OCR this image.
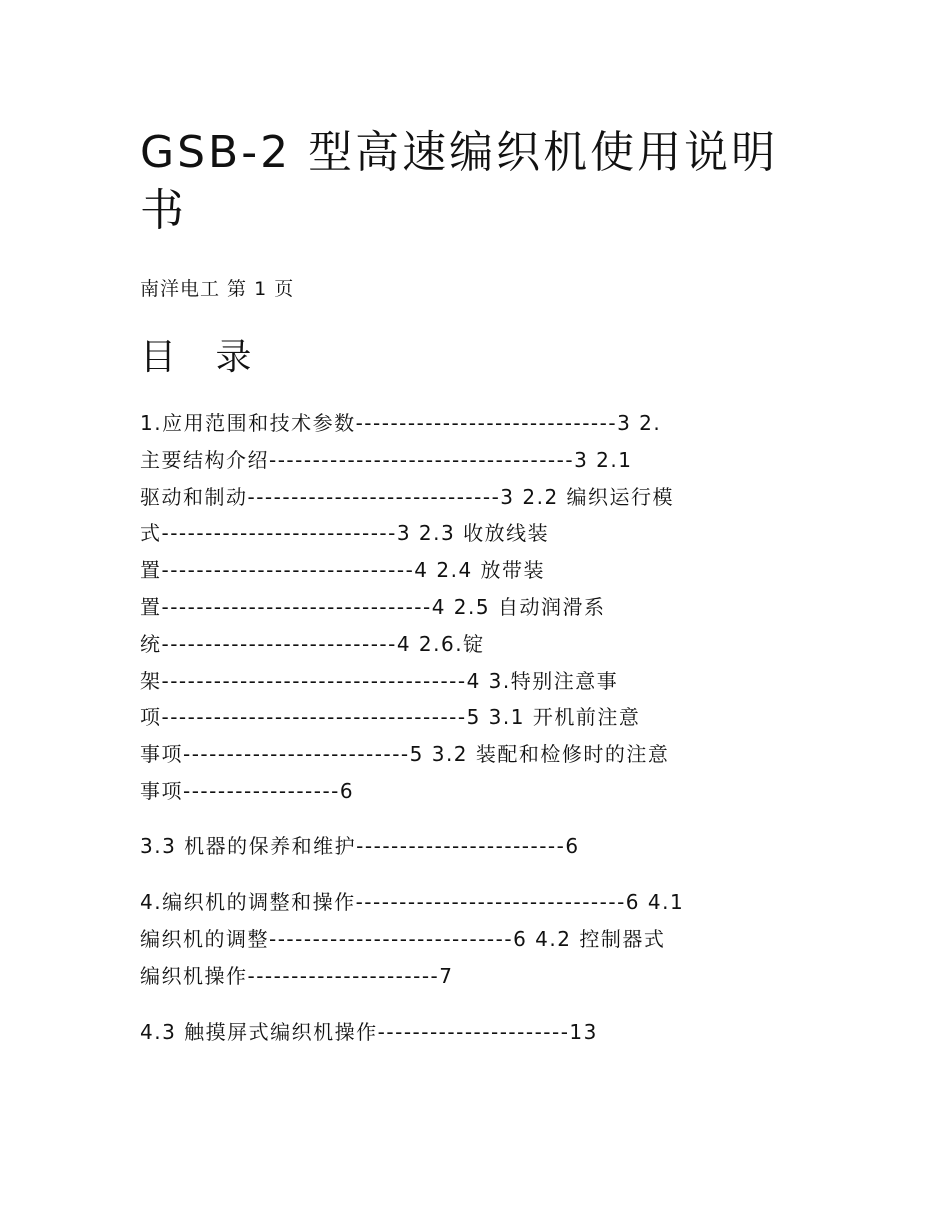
GSB-2 型高速编织机使用说明
书
南洋电工 第 1 页
目 录
1.应用范围和技术参数------------------------------3 2.
主要结构介绍-----------------------------------3 2.1
驱动和制动-----------------------------3 2.2 编织运行模
式---------------------------3 2.3 收放线装
置-----------------------------4 2.4 放带装
置-------------------------------4 2.5 自动润滑系
统---------------------------4 2.6.锭
架-----------------------------------4 3.特别注意事
项-----------------------------------5 3.1 开机前注意
事项--------------------------5 3.2 装配和检修时的注意
事项------------------6
3.3 机器的保养和维护------------------------6
4.编织机的调整和操作-------------------------------6 4.1
编织机的调整----------------------------6 4.2 控制器式
编织机操作----------------------7
4.3 触摸屏式编织机操作----------------------13
